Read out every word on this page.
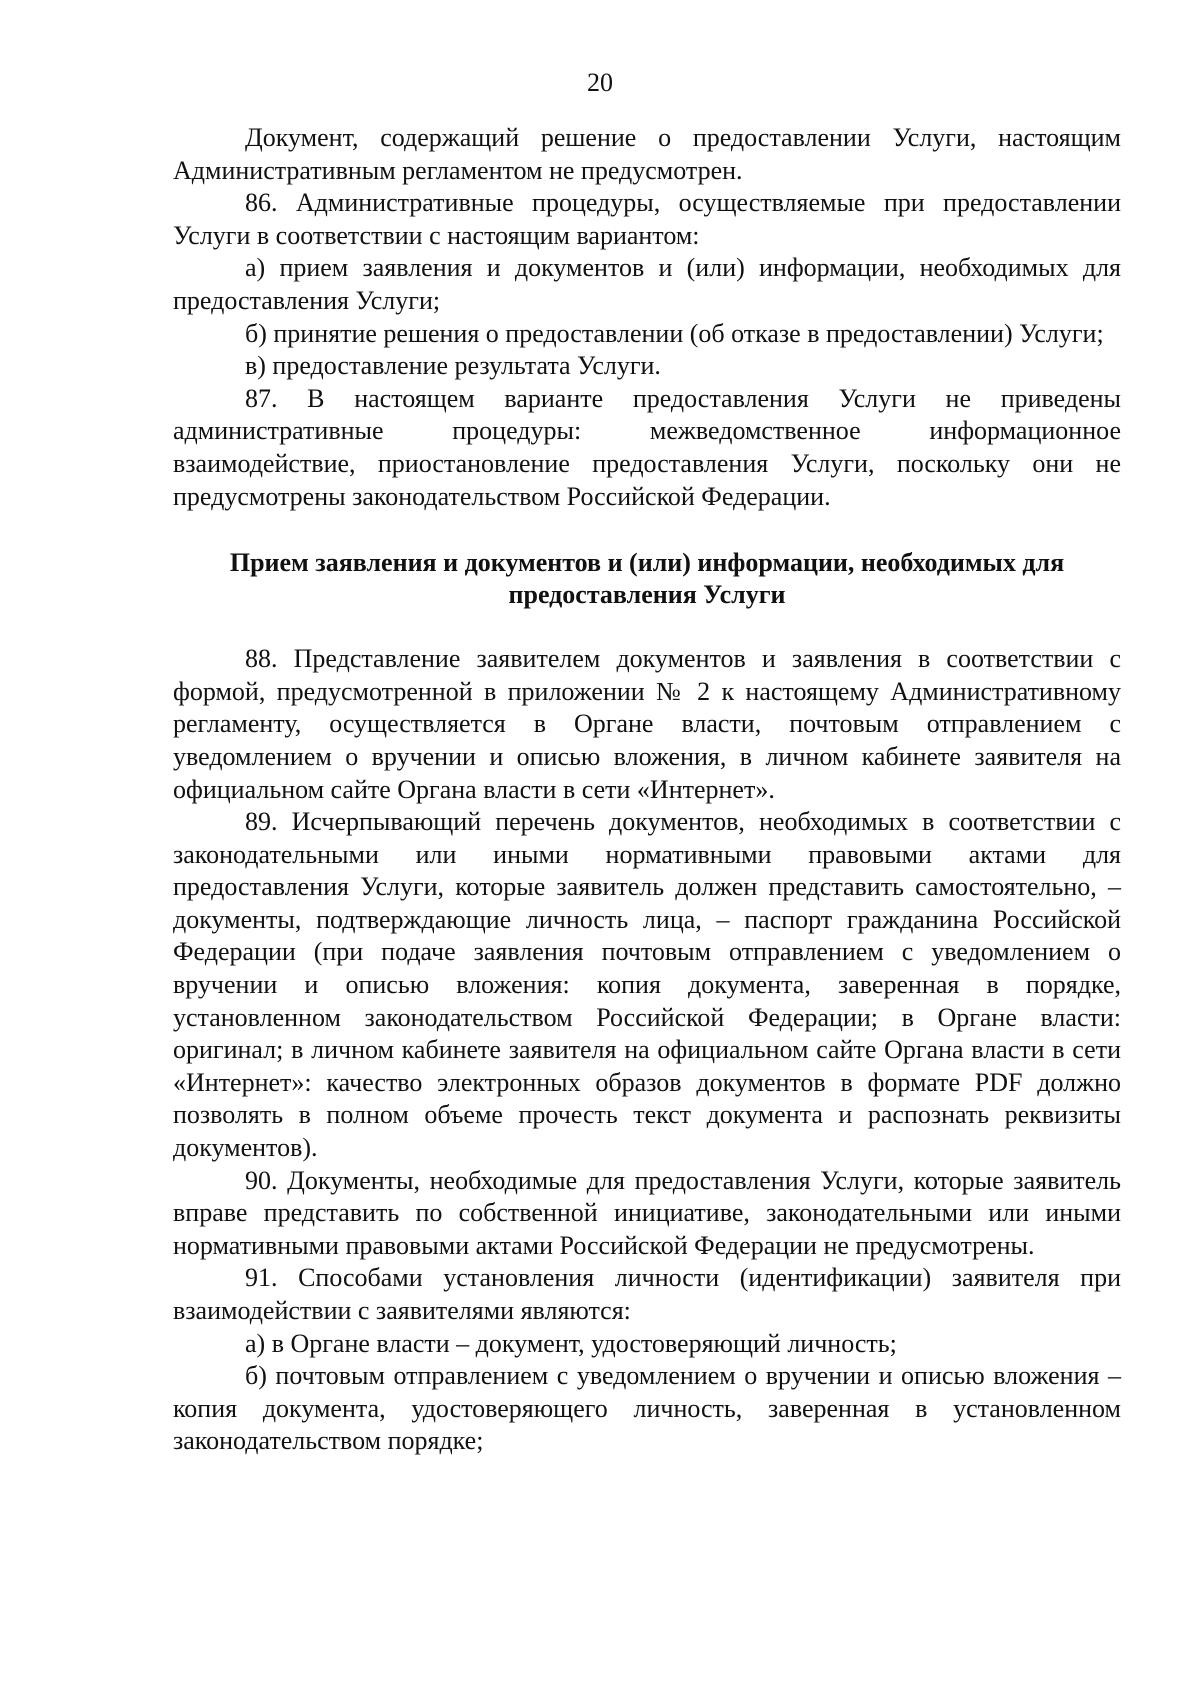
20

Документ, содержащий решение о предоставлении Услуги, настоящим Административным регламентом не предусмотрен.

86. Административные процедуры, осуществляемые при предоставлении Услуги в соответствии с настоящим вариантом:

а) прием заявления и документов и (или) информации, необходимых для предоставления Услуги;

б) принятие решения о предоставлении (об отказе в предоставлении) Услуги;

в) предоставление результата Услуги.

87. В настоящем варианте предоставления Услуги не приведены административные процедуры: межведомственное информационное взаимодействие, приостановление предоставления Услуги, поскольку они не предусмотрены законодательством Российской Федерации.

Прием заявления и документов и (или) информации, необходимых для предоставления Услуги

88. Представление заявителем документов и заявления в соответствии с формой, предусмотренной в приложении № 2 к настоящему Административному регламенту, осуществляется в Органе власти, почтовым отправлением с уведомлением о вручении и описью вложения, в личном кабинете заявителя на официальном сайте Органа власти в сети «Интернет».

89. Исчерпывающий перечень документов, необходимых в соответствии с законодательными или иными нормативными правовыми актами для предоставления Услуги, которые заявитель должен представить самостоятельно, – документы, подтверждающие личность лица, – паспорт гражданина Российской Федерации (при подаче заявления почтовым отправлением с уведомлением о вручении и описью вложения: копия документа, заверенная в порядке, установленном законодательством Российской Федерации; в Органе власти: оригинал; в личном кабинете заявителя на официальном сайте Органа власти в сети «Интернет»: качество электронных образов документов в формате PDF должно позволять в полном объеме прочесть текст документа и распознать реквизиты документов).

90. Документы, необходимые для предоставления Услуги, которые заявитель вправе представить по собственной инициативе, законодательными или иными нормативными правовыми актами Российской Федерации не предусмотрены.

91. Способами установления личности (идентификации) заявителя при взаимодействии с заявителями являются:

а) в Органе власти – документ, удостоверяющий личность;

б) почтовым отправлением с уведомлением о вручении и описью вложения – копия документа, удостоверяющего личность, заверенная в установленном законодательством порядке;
